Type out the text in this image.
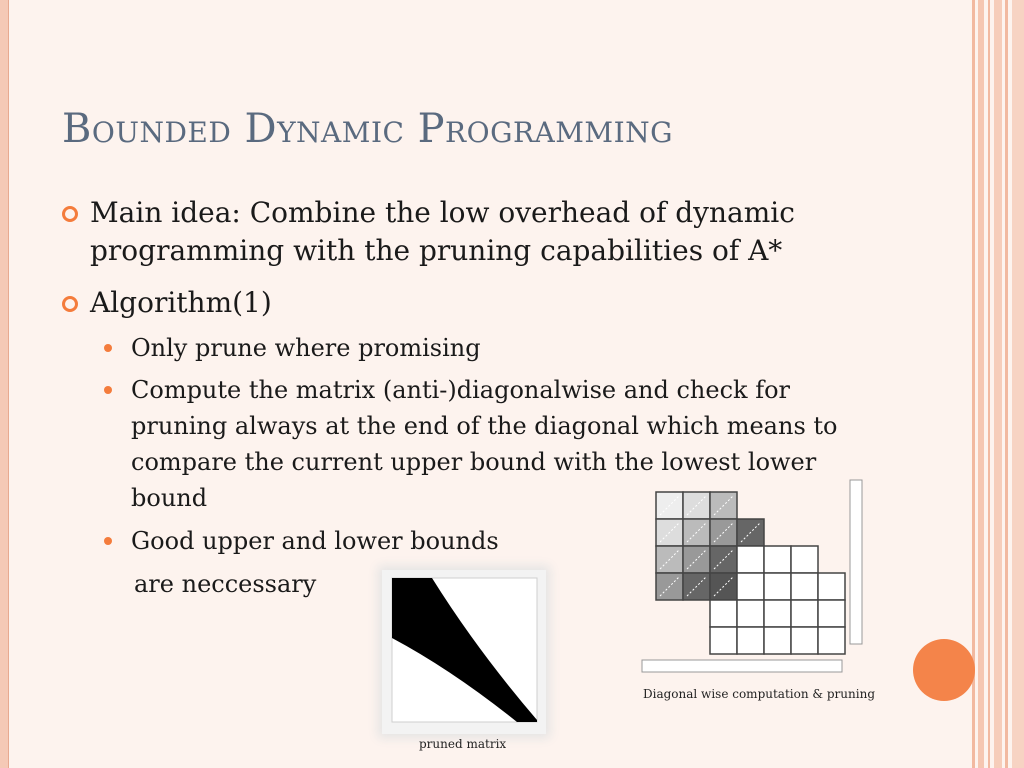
Bounded Dynamic Programming
Main idea: Combine the low overhead of dynamic programming with the pruning capabilities of A*
Algorithm(1)
Only prune where promising
Compute the matrix (anti-)diagonalwise and check for pruning always at the end of the diagonal which means to compare the current upper bound with the lowest lower bound
Good upper and lower bounds
are neccessary
pruned matrix
Diagonal wise computation & pruning
